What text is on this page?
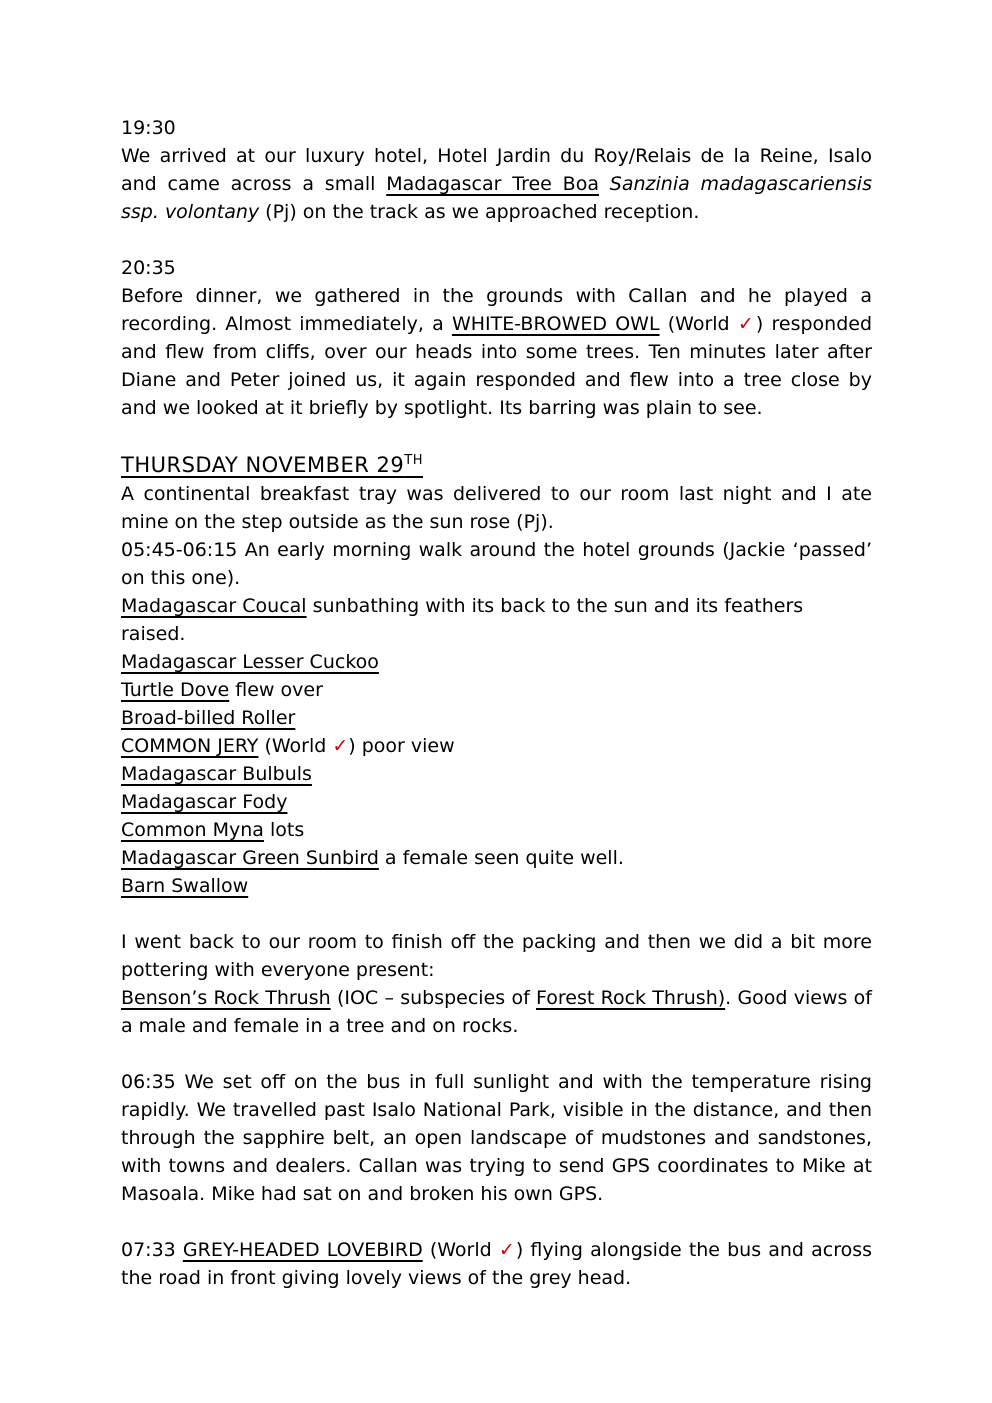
19:30
We arrived at our luxury hotel, Hotel Jardin du Roy/Relais de la Reine, Isalo and came across a small Madagascar Tree Boa Sanzinia madagascariensis ssp. volontany (Pj) on the track as we approached reception.
20:35
Before dinner, we gathered in the grounds with Callan and he played a recording. Almost immediately, a WHITE-BROWED OWL (World ✓) responded and flew from cliffs, over our heads into some trees. Ten minutes later after Diane and Peter joined us, it again responded and flew into a tree close by and we looked at it briefly by spotlight. Its barring was plain to see.
THURSDAY NOVEMBER 29TH
A continental breakfast tray was delivered to our room last night and I ate mine on the step outside as the sun rose (Pj).
05:45-06:15 An early morning walk around the hotel grounds (Jackie ‘passed’ on this one).
Madagascar Coucal sunbathing with its back to the sun and its feathers raised.
Madagascar Lesser Cuckoo
Turtle Dove flew over
Broad-billed Roller
COMMON JERY (World ✓) poor view
Madagascar Bulbuls
Madagascar Fody
Common Myna lots
Madagascar Green Sunbird a female seen quite well.
Barn Swallow
I went back to our room to finish off the packing and then we did a bit more pottering with everyone present:
Benson’s Rock Thrush (IOC – subspecies of Forest Rock Thrush). Good views of a male and female in a tree and on rocks.
06:35 We set off on the bus in full sunlight and with the temperature rising rapidly. We travelled past Isalo National Park, visible in the distance, and then through the sapphire belt, an open landscape of mudstones and sandstones, with towns and dealers. Callan was trying to send GPS coordinates to Mike at Masoala. Mike had sat on and broken his own GPS.
07:33 GREY-HEADED LOVEBIRD (World ✓) flying alongside the bus and across the road in front giving lovely views of the grey head.
